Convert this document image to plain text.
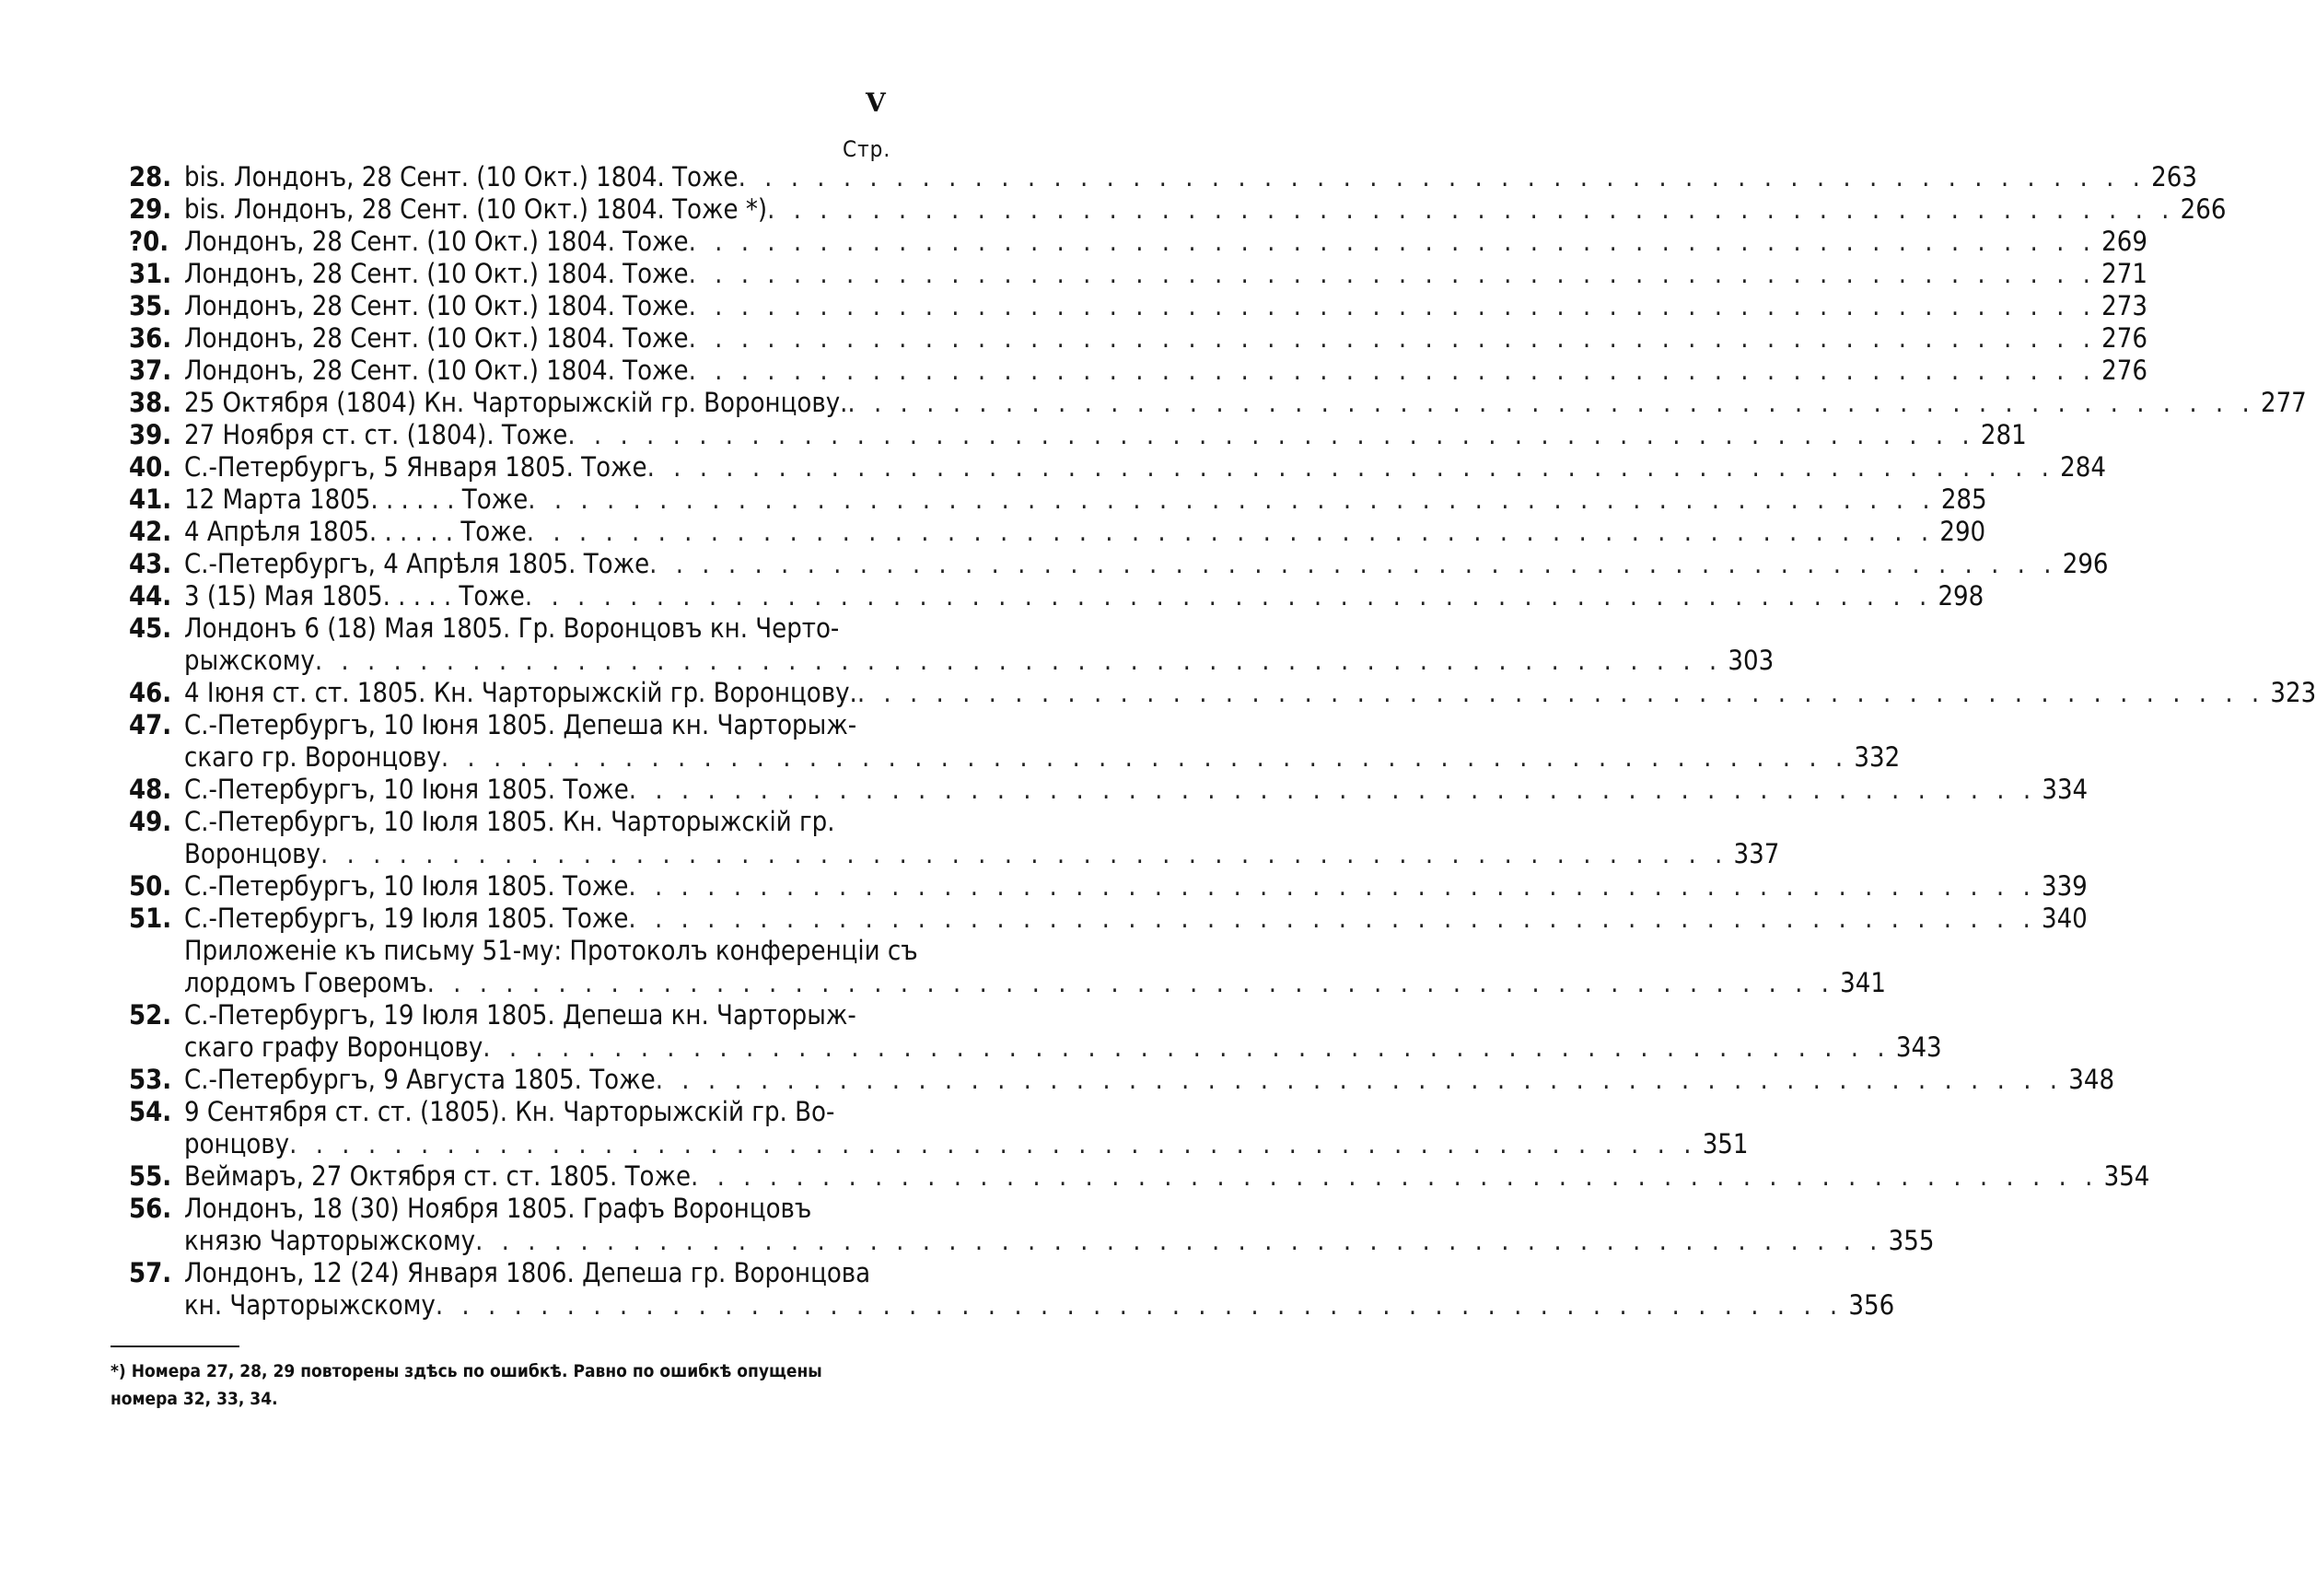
V
Стр.
28. bis. Лондонъ, 28 Сент. (10 Окт.) 1804. Тоже . . .	263
29. bis. Лондонъ, 28 Сент. (10 Окт.) 1804. Тоже *) . . .	266
?0. Лондонъ, 28 Сент. (10 Окт.) 1804. Тоже . . .	269
31. Лондонъ, 28 Сент. (10 Окт.) 1804. Тоже . . .	271
35. Лондонъ, 28 Сент. (10 Окт.) 1804. Тоже . . .	273
36. Лондонъ, 28 Сент. (10 Окт.) 1804. Тоже . . .	276
37. Лондонъ, 28 Сент. (10 Окт.) 1804. Тоже . . .	276
38. 25 Октября (1804) Кн. Чарторыжскій гр. Воронцову. . . .	277
39. 27 Ноября ст. ст. (1804). Тоже . . .	281
40. С.-Петербургъ, 5 Января 1805. Тоже . . .	284
41. 12 Марта 1805. . . . . . Тоже . . .	285
42. 4 Апрѣля 1805. . . . . . Тоже . . .	290
43. С.-Петербургъ, 4 Апрѣля 1805. Тоже . . .	296
44. 3 (15) Мая 1805. . . . . Тоже . . .	298
45. Лондонъ 6 (18) Мая 1805. Гр. Воронцовъ кн. Черто-
рыжскому . . .	303
46. 4 Іюня ст. ст. 1805. Кн. Чарторыжскій гр. Воронцову. . . .	323
47. С.-Петербургъ, 10 Іюня 1805. Депеша кн. Чарторыж-
скаго гр. Воронцову . . .	332
48. С.-Петербургъ, 10 Іюня 1805. Тоже . . .	334
49. С.-Петербургъ, 10 Іюля 1805. Кн. Чарторыжскій гр.
Воронцову . . .	337
50. С.-Петербургъ, 10 Іюля 1805. Тоже . . .	339
51. С.-Петербургъ, 19 Іюля 1805. Тоже . . .	340
Приложеніе къ письму 51-му: Протоколъ конференціи съ
лордомъ Говеромъ . . .	341
52. С.-Петербургъ, 19 Іюля 1805. Депеша кн. Чарторыж-
скаго графу Воронцову . . .	343
53. С.-Петербургъ, 9 Августа 1805. Тоже . . .	348
54. 9 Сентября ст. ст. (1805). Кн. Чарторыжскій гр. Во-
ронцову . . .	351
55. Веймаръ, 27 Октября ст. ст. 1805. Тоже . . .	354
56. Лондонъ, 18 (30) Ноября 1805. Графъ Воронцовъ
князю Чарторыжскому . . .	355
57. Лондонъ, 12 (24) Января 1806. Депеша гр. Воронцова
кн. Чарторыжскому . . .	356
*) Номера 27, 28, 29 повторены здѣсь по ошибкѣ. Равно по ошибкѣ опущены номера 32, 33, 34.
